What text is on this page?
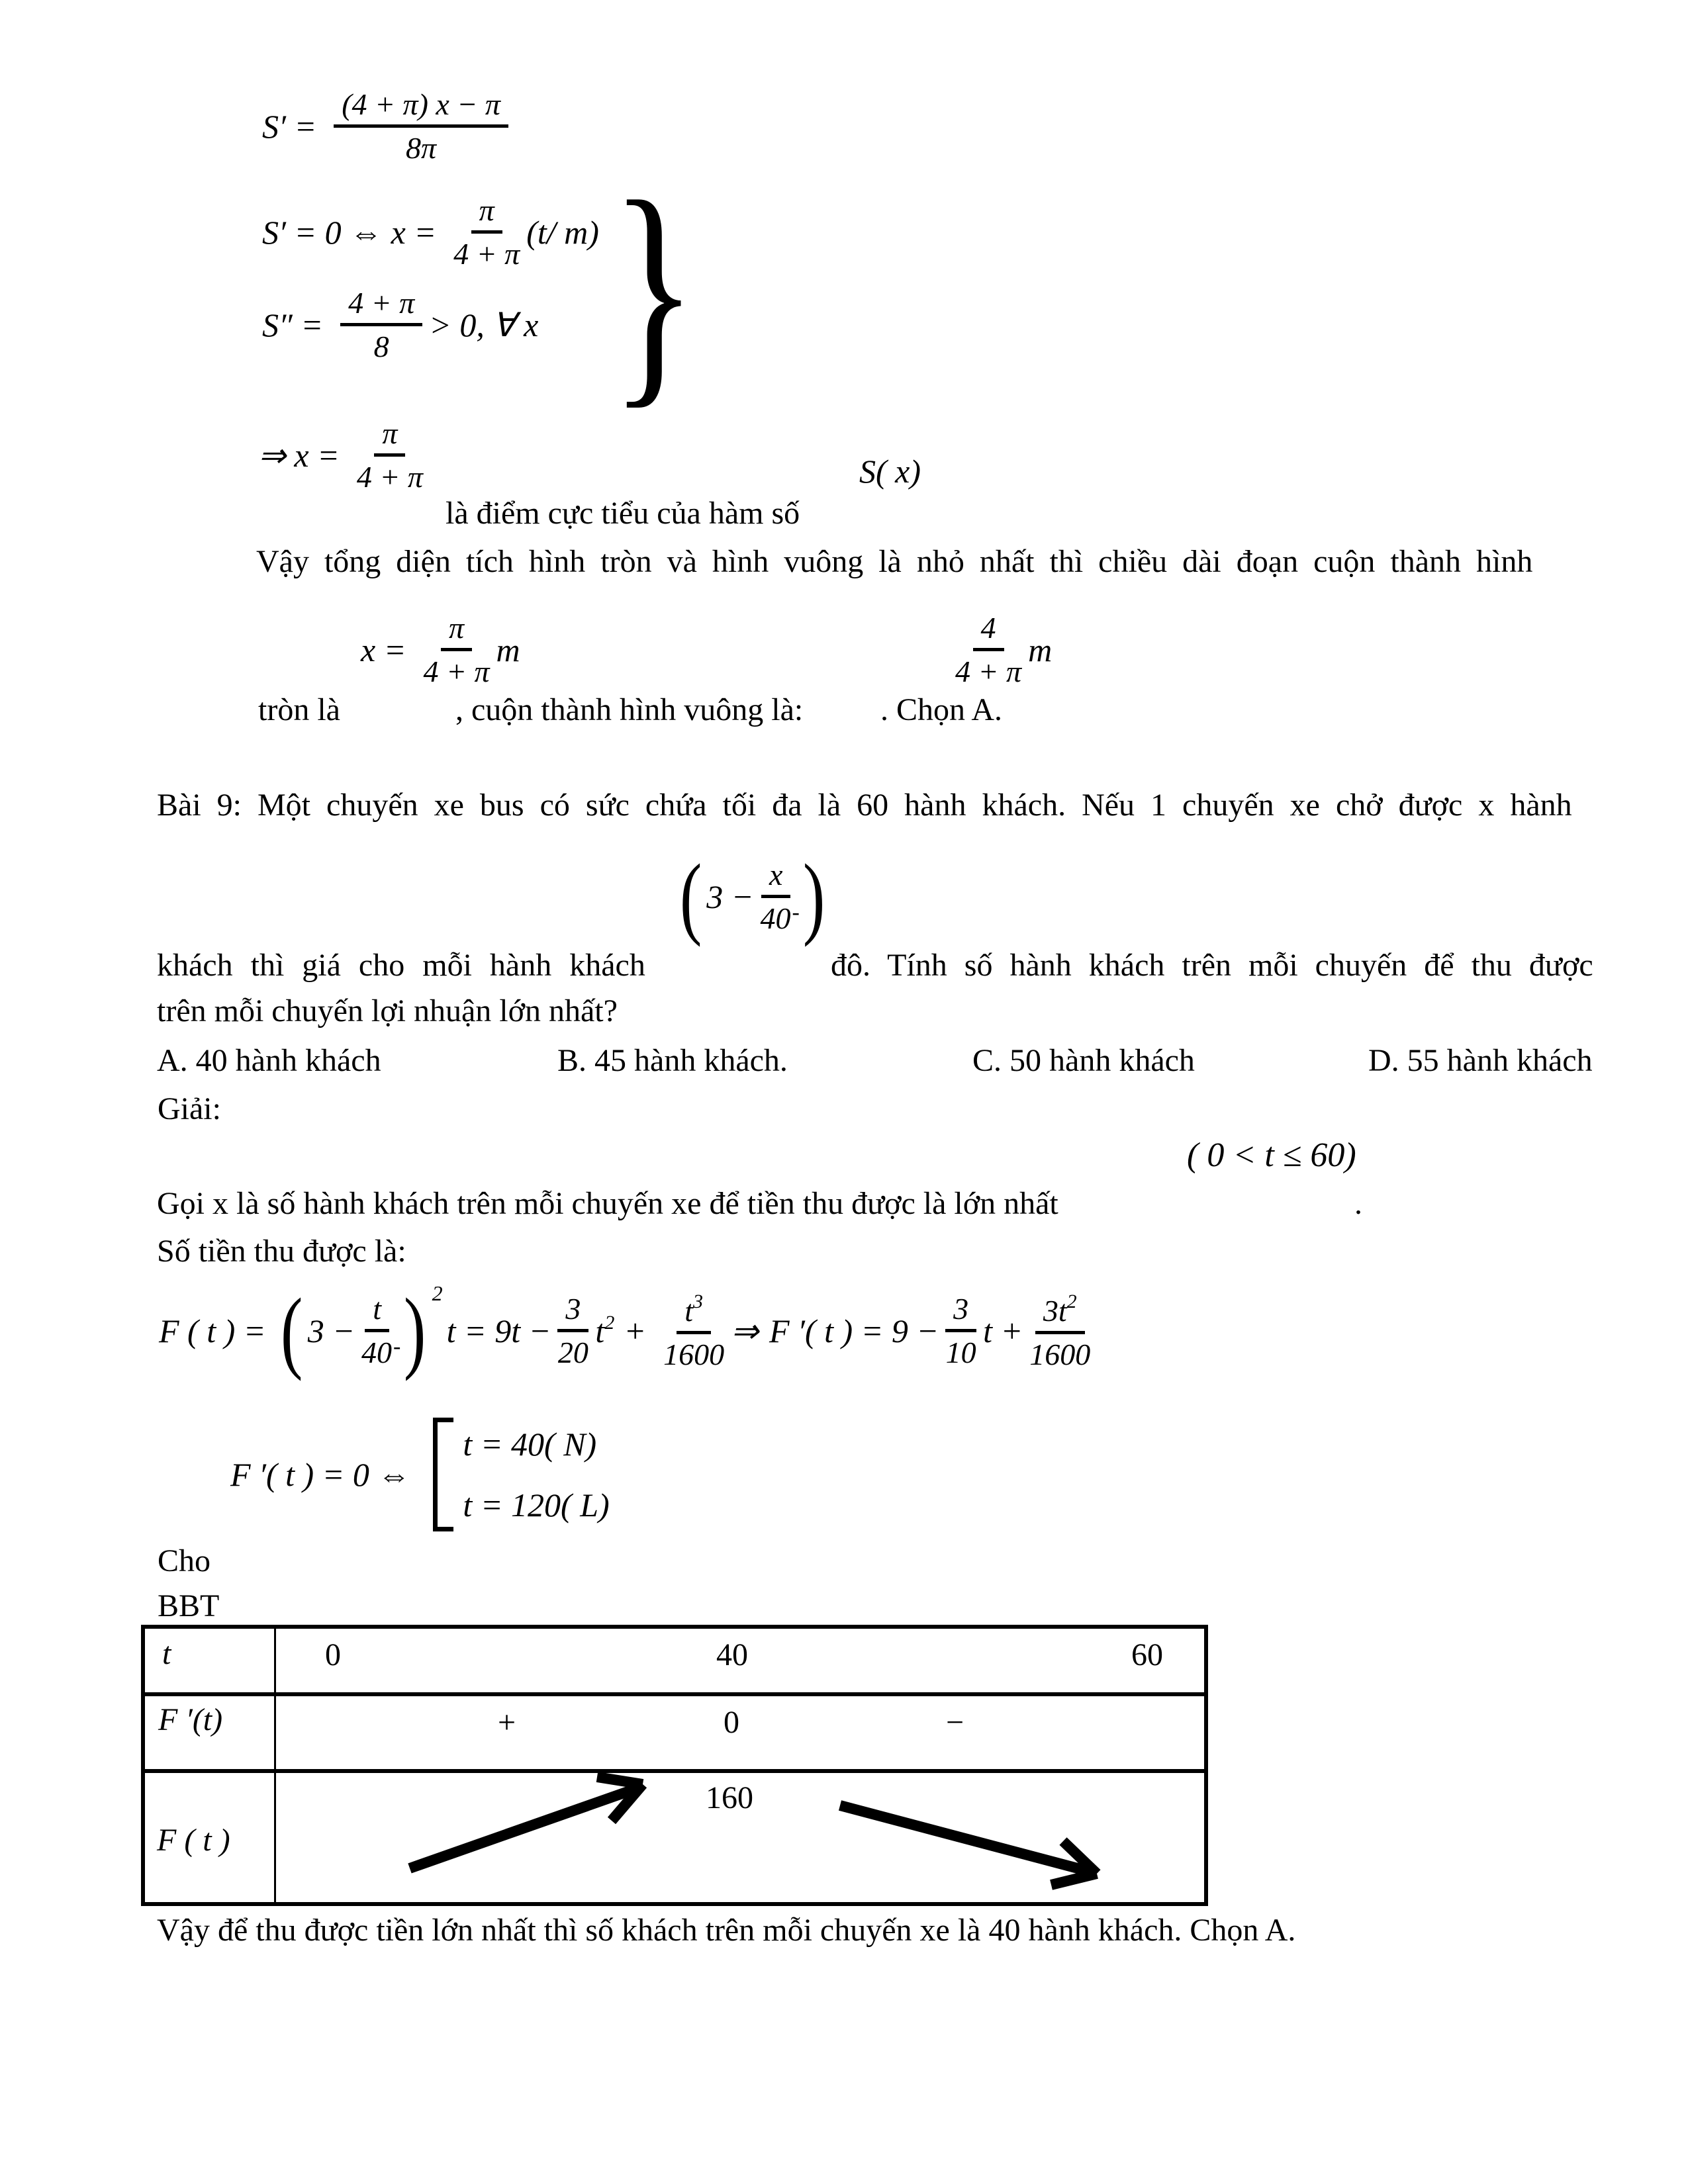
$S' = \frac{(4 + \pi) x - \pi}{8\pi}$
S′ = 0 ⇔ $x = \frac{\pi}{4 + \pi} (t/$ m) }
$S'' = \frac{4 + \pi}{8} > 0$, ∀ x
⇒ $x = \frac{\pi}{4 + \pi}$	S( x)
là điểm cực tiểu của hàm số
Vậy tổng diện tích hình tròn và hình vuông là nhỏ nhất thì chiều dài đoạn cuộn thành hình
$x = \frac{\pi}{4 + \pi}$ m	$\frac{4}{4 + \pi}$ m
tròn là	, cuộn thành hình vuông là: . Chọn A.
Bài 9: Một chuyến xe bus có sức chứa tối đa là 60 hành khách. Nếu 1 chuyến xe chở được x hành
( $3 - \frac{x}{40^-}$ )
khách thì giá cho mỗi hành khách	đô. Tính số hành khách trên mỗi chuyến để thu được
trên mỗi chuyến lợi nhuận lớn nhất?
A. 40 hành khách	B. 45 hành khách.	C. 50 hành khách	D. 55 hành khách
Giải:
( 0 < t ≤ 60)
Gọi x là số hành khách trên mỗi chuyến xe để tiền thu được là lớn nhất	.
Số tiền thu được là:
F ( t ) = ( $3 - \frac{t}{40^-}$ ) 2
$t = 9t - \frac{3}{20} t^2 + \frac{t^3}{1600}$ ⇒ F ′( t ) = $9 - \frac{3}{10}$ $t + \frac{3t^2}{1600}$
F ′( t ) = 0 ⇔
t = 40( N)
t = 120( L)
Cho
BBT
t	0	40	60
F ′(t)	+	0	−
F ( t )
160
Vậy để thu được tiền lớn nhất thì số khách trên mỗi chuyến xe là 40 hành khách. Chọn A.
